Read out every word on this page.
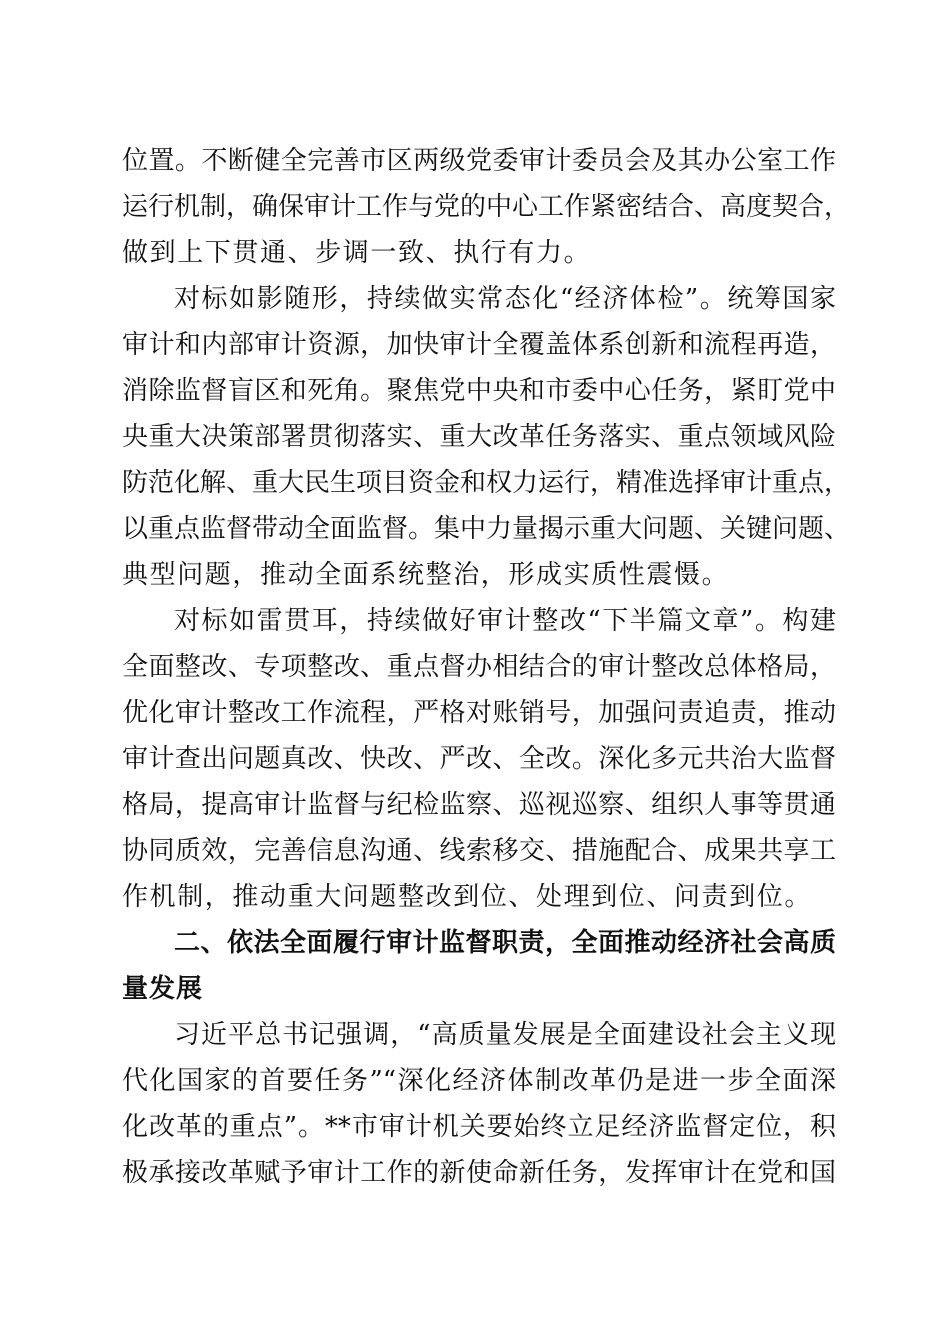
位置。不断健全完善市区两级党委审计委员会及其办公室工作
运行机制，确保审计工作与党的中心工作紧密结合、高度契合，
做到上下贯通、步调一致、执行有力。
对标如影随形，持续做实常态化“经济体检”。统筹国家
审计和内部审计资源，加快审计全覆盖体系创新和流程再造，
消除监督盲区和死角。聚焦党中央和市委中心任务，紧盯党中
央重大决策部署贯彻落实、重大改革任务落实、重点领域风险
防范化解、重大民生项目资金和权力运行，精准选择审计重点，
以重点监督带动全面监督。集中力量揭示重大问题、关键问题、
典型问题，推动全面系统整治，形成实质性震慑。
对标如雷贯耳，持续做好审计整改“下半篇文章”。构建
全面整改、专项整改、重点督办相结合的审计整改总体格局，
优化审计整改工作流程，严格对账销号，加强问责追责，推动
审计查出问题真改、快改、严改、全改。深化多元共治大监督
格局，提高审计监督与纪检监察、巡视巡察、组织人事等贯通
协同质效，完善信息沟通、线索移交、措施配合、成果共享工
作机制，推动重大问题整改到位、处理到位、问责到位。
二、依法全面履行审计监督职责，全面推动经济社会高质
量发展
习近平总书记强调，“高质量发展是全面建设社会主义现
代化国家的首要任务”“深化经济体制改革仍是进一步全面深
化改革的重点”。**市审计机关要始终立足经济监督定位，积
极承接改革赋予审计工作的新使命新任务，发挥审计在党和国
